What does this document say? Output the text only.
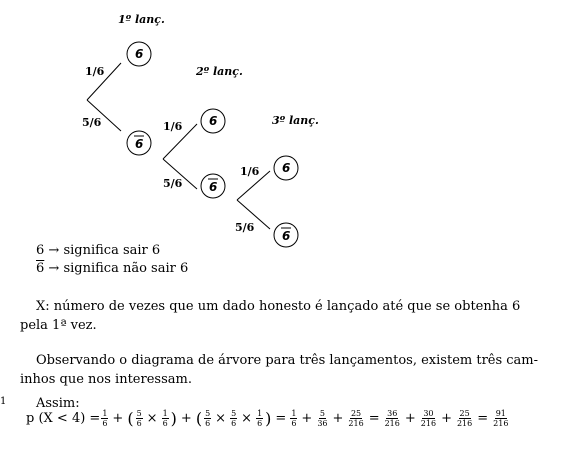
1º lanç.
2º lanç.
3º lanç.
6
6
6
6
6
6
1/6
5/6	1/6
5/6
1/6
5/6
6 → significa sair 6
6 → significa não sair 6
X: número de vezes que um dado honesto é lançado até que se obtenha 6
pela 1ª vez.
Observando o diagrama de árvore para três lançamentos, existem três cam-
inhos que nos interessam.
1 Assim:
p $(X < 4) = \frac{1}{6}$ + ( $\frac{5}{6} \times \frac{1}{6}$ ) + ( $\frac{5}{6} \times \frac{5}{6} \times \frac{1}{6}$ ) = $\frac{1}{6} + \frac{5}{36} + \frac{25}{216} = \frac{36}{216} + \frac{30}{216} + \frac{25}{216} = \frac{91}{216}$
